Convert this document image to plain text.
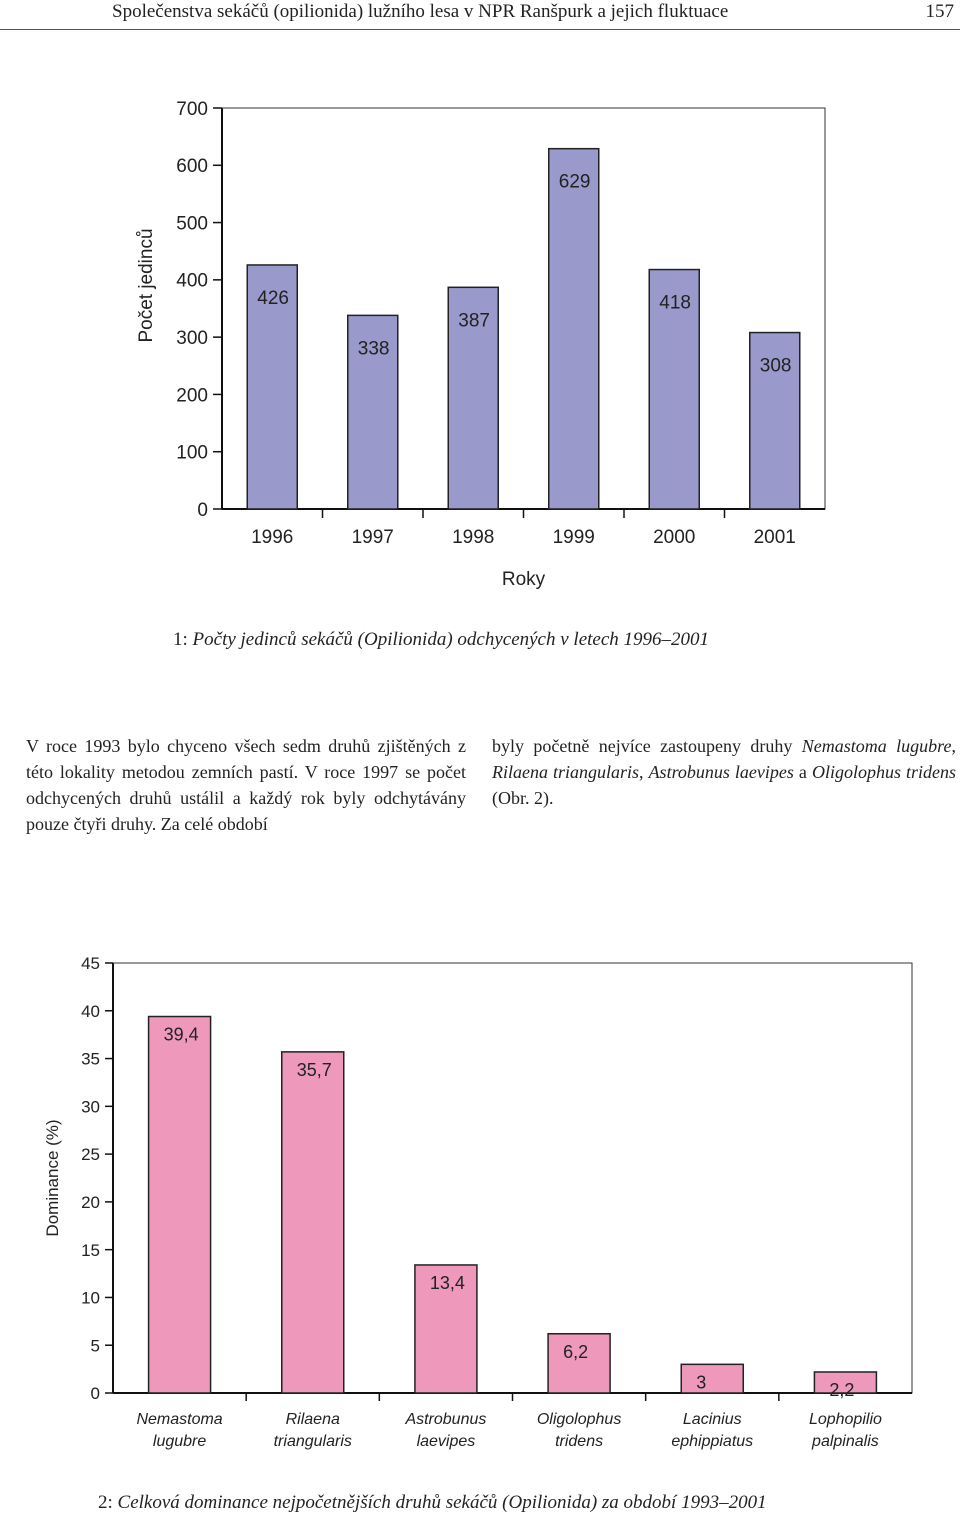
Společenstva sekáčů (opilionida) lužního lesa v NPR Ranšpurk a jejich fluktuace	157
0
100
200
300
400
500
600
700
426
1996
338
1997
387
1998
629
1999
418
2000
308
2001
Roky
Počet jedinců
1: Počty jedinců sekáčů (Opilionida) odchycených v letech 1996–2001
V roce 1993 bylo chyceno všech sedm druhů zjištěných z této lokality metodou zemních pastí. V roce 1997 se počet odchycených druhů ustálil a každý rok byly odchytávány pouze čtyři druhy. Za celé období
byly početně nejvíce zastoupeny druhy Nemastoma lugubre, Rilaena triangularis, Astrobunus laevipes a Oligolophus tridens (Obr. 2).
0
5
10
15
20
25
30
35
40
45
39,4
Nemastoma
lugubre
35,7
Rilaena
triangularis
13,4
Astrobunus
laevipes
6,2
Oligolophus
tridens
3
Lacinius
ephippiatus
2,2
Lophopilio
palpinalis
Dominance (%)
2: Celková dominance nejpočetnějších druhů sekáčů (Opilionida) za období 1993–2001
